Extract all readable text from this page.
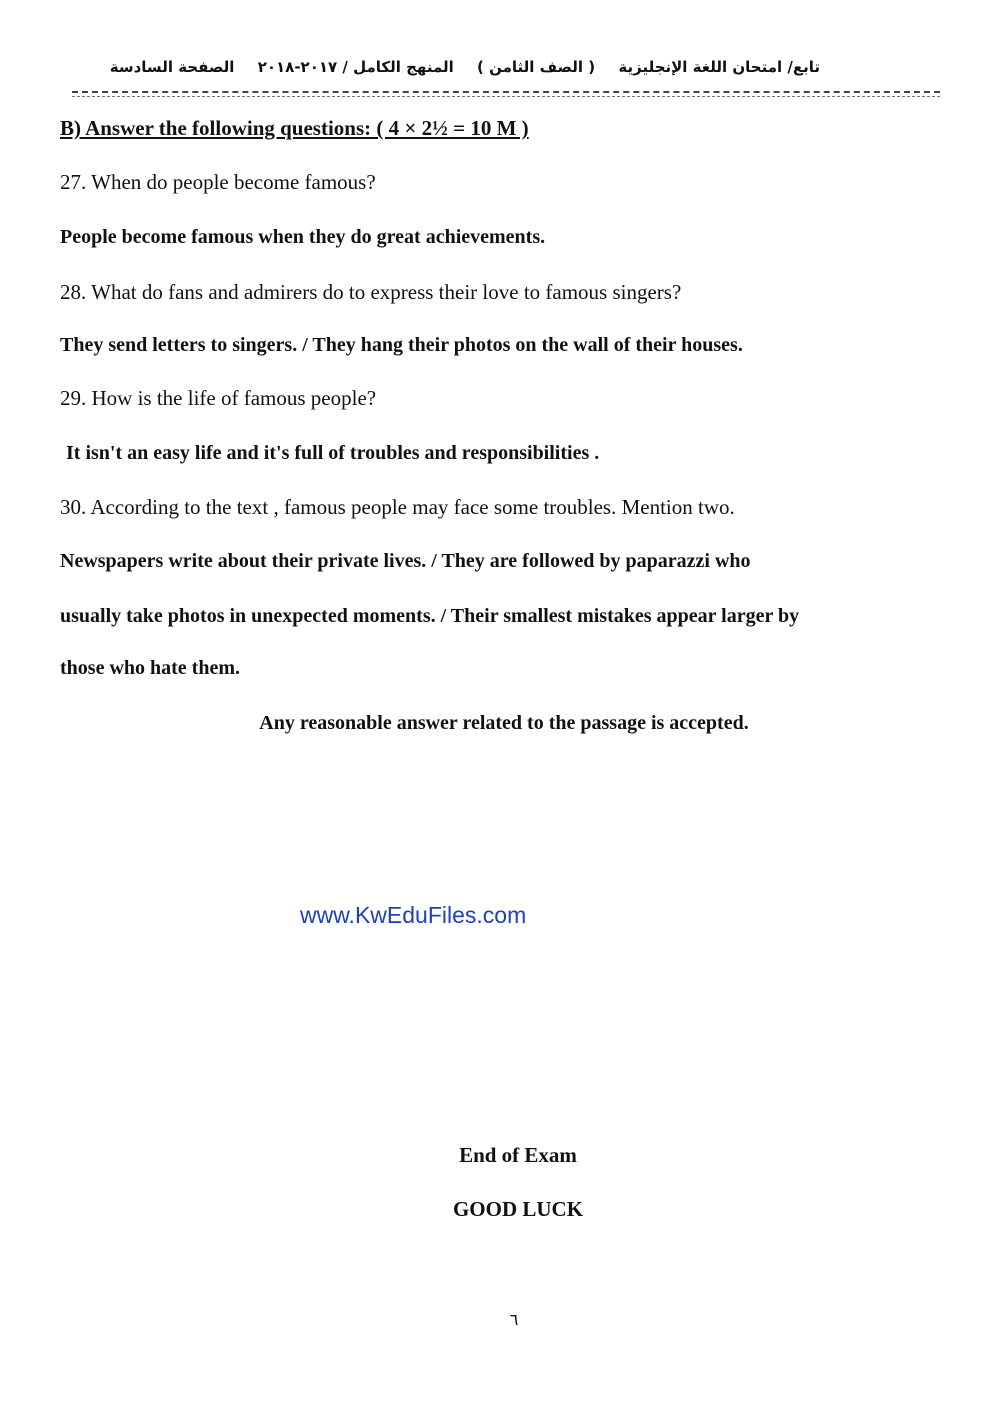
تابع/ امتحان اللغة الإنجليزية ( الصف الثامن ) المنهج الكامل / ٢٠١٧-٢٠١٨ الصفحة السادسة

B) Answer the following questions: ( 4 × 2½ = 10 M )

27. When do people become famous?

People become famous when they do great achievements.

28. What do fans and admirers do to express their love to famous singers?

They send letters to singers. / They hang their photos on the wall of their houses.

29. How is the life of famous people?

It isn't an easy life and it's full of troubles and responsibilities .

30. According to the text , famous people may face some troubles. Mention two.

Newspapers write about their private lives. / They are followed by paparazzi who

usually take photos in unexpected moments. / Their smallest mistakes appear larger by

those who hate them.

Any reasonable answer related to the passage is accepted.

www.KwEduFiles.com

End of Exam

GOOD LUCK

٦
